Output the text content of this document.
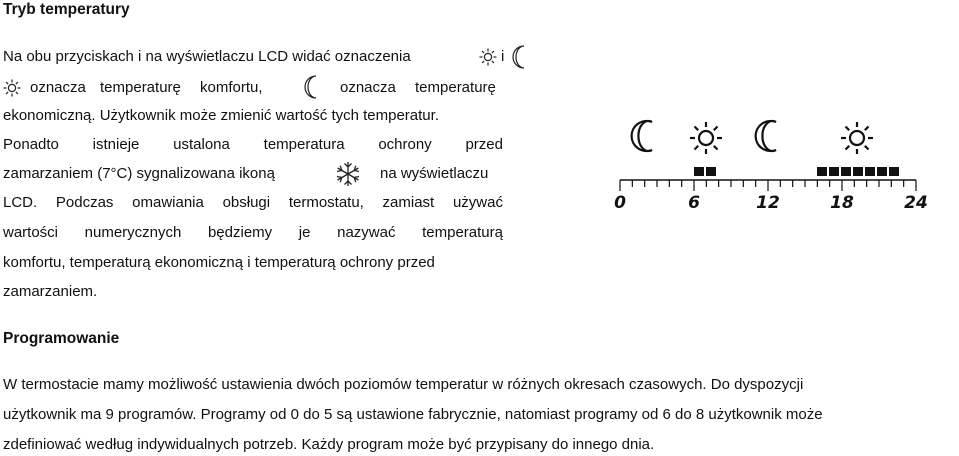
Tryb temperatury
Na obu przyciskach i na wyświetlaczu LCD widać oznaczenia	i
oznacza temperaturę komfortu,	oznacza temperaturę
ekonomiczną. Użytkownik może zmienić wartość tych temperatur.
Ponadto istnieje ustalona temperatura ochrony przed
zamarzaniem (7°C) sygnalizowana ikoną	na wyświetlaczu
LCD. Podczas omawiania obsługi termostatu, zamiast używać
wartości numerycznych będziemy je nazywać temperaturą
komfortu, temperaturą ekonomiczną i temperaturą ochrony przed
zamarzaniem.
0	6	12	18	24
Programowanie
W termostacie mamy możliwość ustawienia dwóch poziomów temperatur w różnych okresach czasowych. Do dyspozycji
użytkownik ma 9 programów. Programy od 0 do 5 są ustawione fabrycznie, natomiast programy od 6 do 8 użytkownik może
zdefiniować według indywidualnych potrzeb. Każdy program może być przypisany do innego dnia.
